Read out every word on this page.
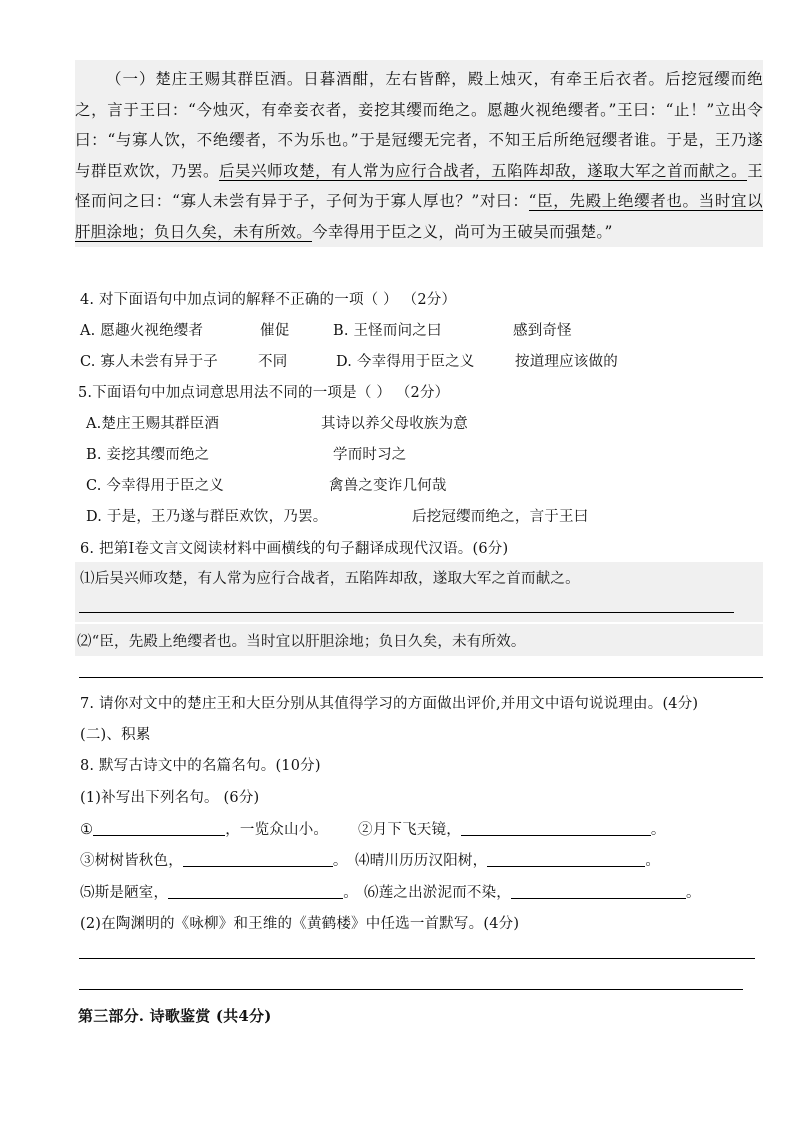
（一）楚庄王赐其群臣酒。日暮酒酣，左右皆醉，殿上烛灭，有牵王后衣者。后挖冠缨而绝之，言于王曰：“今烛灭，有牵妾衣者，妾挖其缨而绝之。愿趣火视绝缨者。”王曰：“止！”立出令曰：“与寡人饮，不绝缨者，不为乐也。”于是冠缨无完者，不知王后所绝冠缨者谁。于是，王乃遂与群臣欢饮，乃罢。后吴兴师攻楚，有人常为应行合战者，五陷阵却敌，遂取大军之首而献之。王怪而问之曰：“寡人未尝有异于子，子何为于寡人厚也？”对曰：“臣，先殿上绝缨者也。当时宜以肝胆涂地；负日久矣，未有所效。今幸得用于臣之义，尚可为王破吴而强楚。”

4. 对下面语句中加点词的解释不正确的一项（ ） （2分）
A. 愿趣火视绝缨者	催促	B. 王怪而问之曰	感到奇怪
C. 寡人未尝有异于子	不同	D. 今幸得用于臣之义	按道理应该做的
5.下面语句中加点词意思用法不同的一项是（ ） （2分）
A.楚庄王赐其群臣酒	其诗以养父母收族为意
B. 妾挖其缨而绝之	学而时习之
C. 今幸得用于臣之义	禽兽之变诈几何哉
D. 于是，王乃遂与群臣欢饮，乃罢。	后挖冠缨而绝之，言于王曰
6. 把第Ⅰ卷文言文阅读材料中画横线的句子翻译成现代汉语。(6分)
⑴后吴兴师攻楚，有人常为应行合战者，五陷阵却敌，遂取大军之首而献之。
⑵“臣，先殿上绝缨者也。当时宜以肝胆涂地；负日久矣，未有所效。
7. 请你对文中的楚庄王和大臣分别从其值得学习的方面做出评价,并用文中语句说说理由。(4分)
(二)、积累
8. 默写古诗文中的名篇名句。(10分)
(1)补写出下列名句。 (6分)
①	，一览众山小。 ②月下飞天镜，	。
③树树皆秋色，	。 ⑷晴川历历汉阳树，	。
⑸斯是陋室，	。 ⑹莲之出淤泥而不染，	。
(2)在陶渊明的《咏柳》和王维的《黄鹤楼》中任选一首默写。(4分)
第三部分. 诗歌鉴赏 (共4分)
